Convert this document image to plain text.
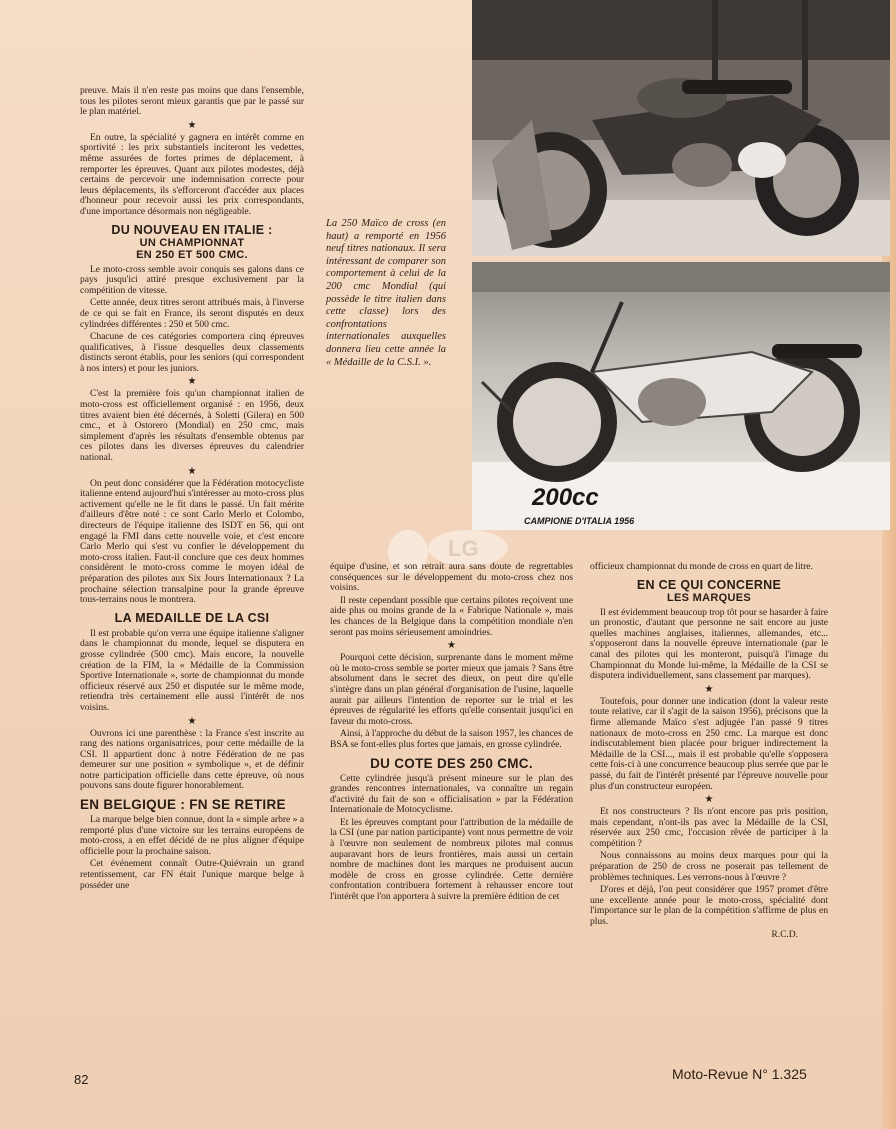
200cc
CAMPIONE D'ITALIA 1956
La 250 Maïco de cross (en haut) a remporté en 1956 neuf titres nationaux. Il sera intéressant de comparer son comportement à celui de la 200 cmc Mondial (qui possède le titre italien dans cette classe) lors des confrontations internationales auxquelles donnera lieu cette année la « Médaille de la C.S.I. ».
LG

preuve. Mais il n'en reste pas moins que dans l'ensemble, tous les pilotes seront mieux garantis que par le passé sur le plan matériel.

★

En outre, la spécialité y gagnera en intérêt comme en sportivité : les prix substantiels inciteront les vedettes, même assurées de fortes primes de déplacement, à remporter les épreuves. Quant aux pilotes modestes, déjà certains de percevoir une indemnisation correcte pour leurs déplacements, ils s'efforceront d'accéder aux places d'honneur pour recevoir aussi les prix correspondants, d'une importance désormais non négligeable.

DU NOUVEAU EN ITALIE :
UN CHAMPIONNAT
EN 250 ET 500 CMC.

Le moto-cross semble avoir conquis ses galons dans ce pays jusqu'ici attiré presque exclusivement par la compétition de vitesse.

Cette année, deux titres seront attribués mais, à l'inverse de ce qui se fait en France, ils seront disputés en deux cylindrées différentes : 250 et 500 cmc.

Chacune de ces catégories comportera cinq épreuves qualificatives, à l'issue desquelles deux classements distincts seront établis, pour les seniors (qui correspondent à nos inters) et pour les juniors.

★

C'est la première fois qu'un championnat italien de moto-cross est officiellement organisé : en 1956, deux titres avaient bien été décernés, à Soletti (Gilera) en 500 cmc., et à Ostorero (Mondial) en 250 cmc, mais simplement d'après les résultats d'ensemble obtenus par ces pilotes dans les diverses épreuves du calendrier national.

★

On peut donc considérer que la Fédération motocycliste italienne entend aujourd'hui s'intéresser au moto-cross plus activement qu'elle ne le fit dans le passé. Un fait mérite d'ailleurs d'être noté : ce sont Carlo Merlo et Colombo, directeurs de l'équipe italienne des ISDT en 56, qui ont engagé la FMI dans cette nouvelle voie, et c'est encore Carlo Merlo qui s'est vu confier le développement du moto-cross italien. Faut-il conclure que ces deux hommes considèrent le moto-cross comme le moyen idéal de préparation des pilotes aux Six Jours Internationaux ? La prochaine sélection transalpine pour la grande épreuve tous-terrains nous le montrera.

LA MEDAILLE DE LA CSI

Il est probable qu'on verra une équipe italienne s'aligner dans le championnat du monde, lequel se disputera en grosse cylindrée (500 cmc). Mais encore, la nouvelle création de la FIM, la « Médaille de la Commission Sportive Internationale », sorte de championnat du monde officieux réservé aux 250 et disputée sur le même mode, retiendra très certainement elle aussi l'intérêt de nos voisins.

★

Ouvrons ici une parenthèse : la France s'est inscrite au rang des nations organisatrices, pour cette médaille de la CSI. Il appartient donc à notre Fédération de ne pas demeurer sur une position « symbolique », et de définir notre participation officielle dans cette épreuve, où nous pouvons sans doute figurer honorablement.

EN BELGIQUE : FN SE RETIRE

La marque belge bien connue, dont la « simple arbre » a remporté plus d'une victoire sur les terrains européens de moto-cross, a en effet décidé de ne plus aligner d'équipe officielle pour la prochaine saison.

Cet événement connaît Outre-Quiévrain un grand retentissement, car FN était l'unique marque belge à posséder une

équipe d'usine, et son retrait aura sans doute de regrettables conséquences sur le développement du moto-cross chez nos voisins.

Il reste cependant possible que certains pilotes reçoivent une aide plus ou moins grande de la « Fabrique Nationale », mais les chances de la Belgique dans la compétition mondiale n'en seront pas moins sérieusement amoindries.

★

Pourquoi cette décision, surprenante dans le moment même où le moto-cross semble se porter mieux que jamais ? Sans être absolument dans le secret des dieux, on peut dire qu'elle s'intègre dans un plan général d'organisation de l'usine, laquelle aurait par ailleurs l'intention de reporter sur le trial et les épreuves de régularité les efforts qu'elle consentait jusqu'ici en faveur du moto-cross.

Ainsi, à l'approche du début de la saison 1957, les chances de BSA se font-elles plus fortes que jamais, en grosse cylindrée.

DU COTE DES 250 CMC.

Cette cylindrée jusqu'à présent mineure sur le plan des grandes rencontres internationales, va connaître un regain d'activité du fait de son « officialisation » par la Fédération Internationale de Motocyclisme.

Et les épreuves comptant pour l'attribution de la médaille de la CSI (une par nation participante) vont nous permettre de voir à l'œuvre non seulement de nombreux pilotes mal connus auparavant hors de leurs frontières, mais aussi un certain nombre de machines dont les marques ne produisent aucun modèle de cross en grosse cylindrée. Cette dernière confrontation contribuera fortement à rehausser encore tout l'intérêt que l'on apportera à suivre la première édition de cet

officieux championnat du monde de cross en quart de litre.

EN CE QUI CONCERNE
LES MARQUES

Il est évidemment beaucoup trop tôt pour se hasarder à faire un pronostic, d'autant que personne ne sait encore au juste quelles machines anglaises, italiennes, allemandes, etc... s'opposeront dans la nouvelle épreuve internationale (par le canal des pilotes qui les monteront, puisqu'à l'image du Championnat du Monde lui-même, la Médaille de la CSI se disputera individuellement, sans classement par marques).

★

Toutefois, pour donner une indication (dont la valeur reste toute relative, car il s'agit de la saison 1956), précisons que la firme allemande Maïco s'est adjugée l'an passé 9 titres nationaux de moto-cross en 250 cmc. La marque est donc indiscutablement bien placée pour briguer indirectement la Médaille de la CSI..., mais il est probable qu'elle s'opposera cette fois-ci à une concurrence beaucoup plus serrée que par le passé, du fait de l'intérêt présenté par l'épreuve nouvelle pour plus d'un constructeur européen.

★

Et nos constructeurs ? Ils n'ont encore pas pris position, mais cependant, n'ont-ils pas avec la Médaille de la CSI, réservée aux 250 cmc, l'occasion rêvée de participer à la compétition ?

Nous connaissons au moins deux marques pour qui la préparation de 250 de cross ne poserait pas tellement de problèmes techniques. Les verrons-nous à l'œuvre ?

D'ores et déjà, l'on peut considérer que 1957 promet d'être une excellente année pour le moto-cross, spécialité dont l'importance sur le plan de la compétition s'affirme de plus en plus.

R.C.D.
82	Moto-Revue N° 1.325
